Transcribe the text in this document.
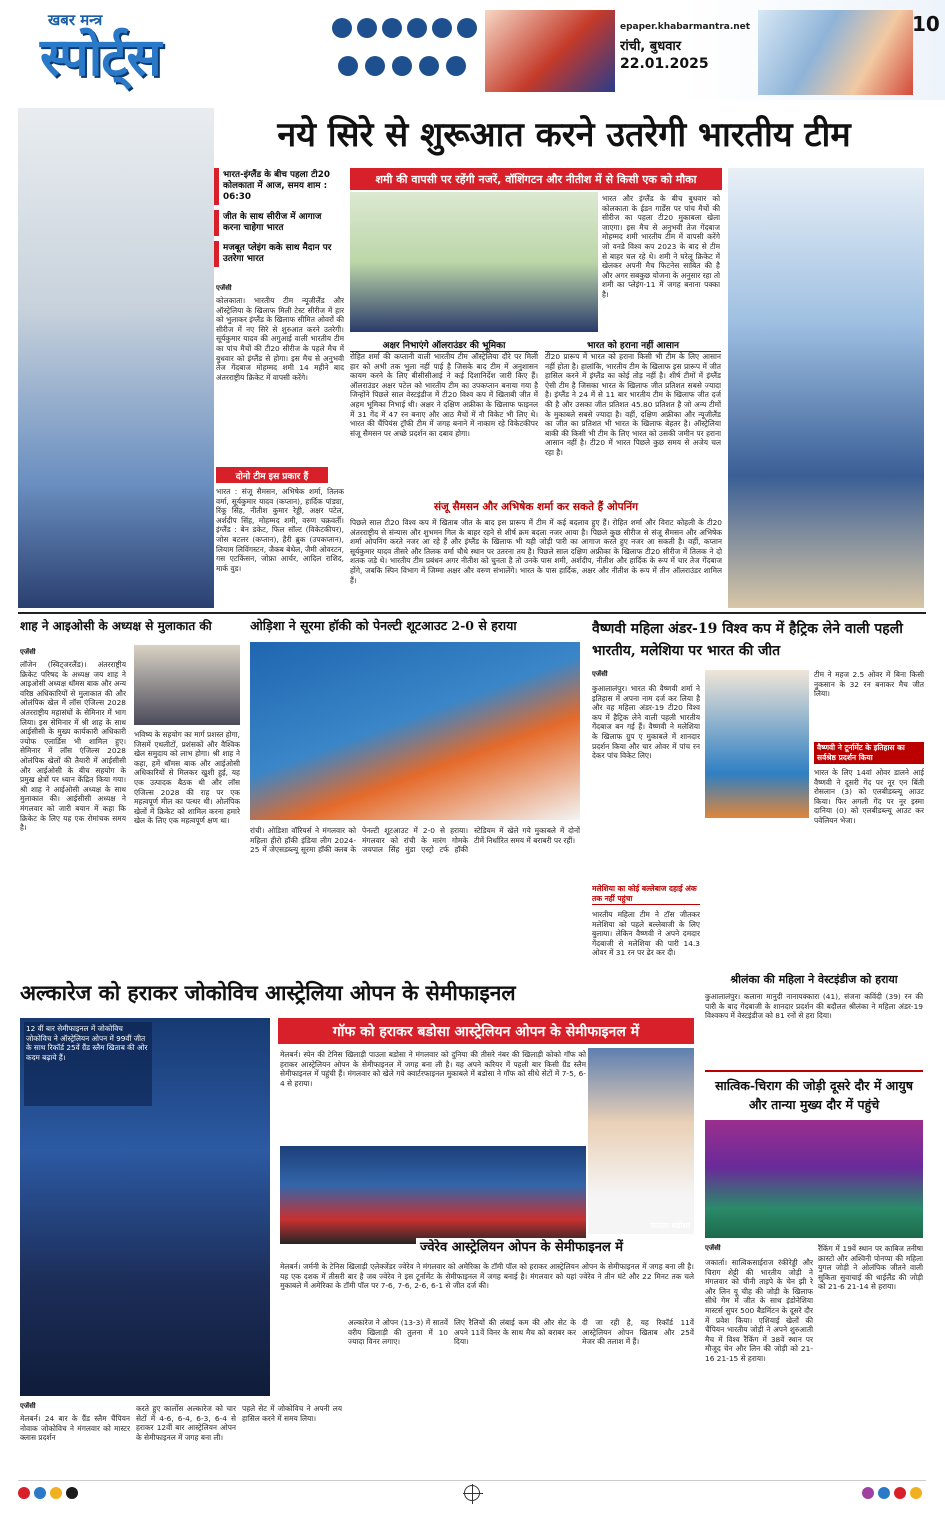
खबर मन्त्र
स्पोर्ट्स
epaper.khabarmantra.net
रांची, बुधवार
22.01.2025
10
भारत-इंग्लैंड के बीच पहला टी20 कोलकाता में आज, समय शाम : 06:30
जीत के साथ सीरीज में आगाज करना चाहेगा भारत
मजबूत प्लेइंग कके साथ मैदान पर उतरेगा भारत
नये सिरे से शुरूआत करने उतरेगी भारतीय टीम
शमी की वापसी पर रहेंगी नजरें, वॉशिंगटन और नीतीश में से किसी एक को मौका
एजेंसी
कोलकाता। भारतीय टीम न्यूजीलैंड और ऑस्ट्रेलिया के खिलाफ मिली टेस्ट सीरीज में हार को भुलाकर इंग्लैंड के खिलाफ सीमित ओवरों की सीरीज में नए सिरे से शुरुआत करने उतरेगी। सूर्यकुमार यादव की अगुआई वाली भारतीय टीम का पांच मैचों की टी20 सीरीज के पहले मैच में बुधवार को इंग्लैंड से होगा। इस मैच से अनुभवी तेज गेंदबाज मोहम्मद शमी 14 महीने बाद अंतरराष्ट्रीय क्रिकेट में वापसी करेंगे।
दोनो टीम इस प्रकार हैं
भारत : संजू सैमसन, अभिषेक शर्मा, तिलक वर्मा, सूर्यकुमार यादव (कप्तान), हार्दिक पांड्या, रिंकू सिंह, नीतीश कुमार रेड्डी, अक्षर पटेल, अर्शदीप सिंह, मोहम्मद शमी, वरुण चक्रवर्ती। इंग्लैंड : बेन डकेट, फिल सॉल्ट (विकेटकीपर), जोस बटलर (कप्तान), हैरी ब्रुक (उपकप्तान), लियाम लिविंगस्टन, जैकब बेथेल, जैमी ओवरटन, गस एटकिंसन, जोफ्रा आर्चर, आदिल राशिद, मार्क वुड।
भारत और इंग्लैंड के बीच बुधवार को कोलकाता के ईडन गार्डेंस पर पांच मैचों की सीरीज का पहला टी20 मुकाबला खेला जाएगा। इस मैच से अनुभवी तेज गेंदबाज मोहम्मद शमी भारतीय टीम में वापसी करेंगे जो वनडे विश्व कप 2023 के बाद से टीम से बाहर चल रहे थे। शमी ने घरेलू क्रिकेट में खेलकर अपनी मैच फिटनेस साबित की है और अगर सबकुछ योजना के अनुसार रहा तो शमी का प्लेइंग-11 में जगह बनाना पक्का है।
अक्षर निभाएंगे ऑलराउंडर की भूमिका
रोहित शर्मा की कप्तानी वाली भारतीय टीम ऑस्ट्रेलिया दौरे पर मिली हार को अभी तक भुला नहीं पाई है जिसके बाद टीम में अनुशासन कायम करने के लिए बीसीसीआई ने कई दिशानिर्देश जारी किए हैं। ऑलराउंडर अक्षर पटेल को भारतीय टीम का उपकप्तान बनाया गया है जिन्होंने पिछले साल वेस्टइंडीज में टी20 विश्व कप में खिताबी जीत में अहम भूमिका निभाई थी। अक्षर ने दक्षिण अफ्रीका के खिलाफ फाइनल में 31 गेंद में 47 रन बनाए और आठ मैचों में नौ विकेट भी लिए थे। भारत की चैंपियंस ट्रॉफी टीम में जगह बनाने में नाकाम रहे विकेटकीपर संजू सैमसन पर अच्छे प्रदर्शन का दबाव होगा।
भारत को हराना नहीं आसान
टी20 प्रारूप में भारत को हराना किसी भी टीम के लिए आसान नहीं होता है। हालांकि, भारतीय टीम के खिलाफ इस प्रारूप में जीत हासिल करने में इंग्लैंड का कोई तोड़ नहीं है। शीर्ष टीमों में इंग्लैंड ऐसी टीम है जिसका भारत के खिलाफ जीत प्रतिशत सबसे ज्यादा है। इंग्लैंड ने 24 में से 11 बार भारतीय टीम के खिलाफ जीत दर्ज की है और उसका जीत प्रतिशत 45.80 प्रतिशत है जो अन्य टीमों के मुकाबले सबसे ज्यादा है। वहीं, दक्षिण अफ्रीका और न्यूजीलैंड का जीत का प्रतिशत भी भारत के खिलाफ बेहतर है। ऑस्ट्रेलिया बाकी की किसी भी टीम के लिए भारत को उसकी जमीन पर हराना आसान नहीं है। टी20 में भारत पिछले कुछ समय से अजेय चल रहा है।
संजू सैमसन और अभिषेक शर्मा कर सकते हैं ओपनिंग
पिछले साल टी20 विश्व कप में खिताब जीत के बाद इस प्रारूप में टीम में कई बदलाव हुए हैं। रोहित शर्मा और विराट कोहली के टी20 अंतरराष्ट्रीय से संन्यास और शुभमन गिल के बाहर रहने से शीर्ष क्रम बदला नजर आया है। पिछले कुछ सीरीज से संजू सैमसन और अभिषेक शर्मा ओपनिंग करते नजर आ रहे हैं और इंग्लैंड के खिलाफ भी यही जोड़ी पारी का आगाज करते हुए नजर आ सकती है। वहीं, कप्तान सूर्यकुमार यादव तीसरे और तिलक वर्मा चौथे स्थान पर उतरना तय है। पिछले साल दक्षिण अफ्रीका के खिलाफ टी20 सीरीज में तिलक ने दो शतक जड़े थे। भारतीय टीम प्रबंधन अगर नीतीश को चुनता है तो उनके पास शमी, अर्शदीप, नीतीश और हार्दिक के रूप में चार तेज गेंदबाज होंगे, जबकि स्पिन विभाग में जिम्मा अक्षर और वरुण संभालेंगे। भारत के पास हार्दिक, अक्षर और नीतीश के रूप में तीन ऑलराउंडर शामिल हैं।
शाह ने आइओसी के अध्यक्ष से मुलाकात की
एजेंसी
लॉजेन (स्विट्जरलैंड)। अंतरराष्ट्रीय क्रिकेट परिषद के अध्यक्ष जय शाह ने आइओसी अध्यक्ष थॉमस बाक और अन्य वरिष्ठ अधिकारियों से मुलाकात की और ओलंपिक खेल में लॉस एंजिल्स 2028 अंतरराष्ट्रीय महासंघों के सेमिनार में भाग लिया। इस सेमिनार में श्री शाह के साथ आईसीसी के मुख्य कार्यकारी अधिकारी ज्योफ एलार्डिस भी शामिल हुए। सेमिनार में लॉस एंजिल्स 2028 ओलंपिक खेलों की तैयारी में आईसीसी और आईओसी के बीच सहयोग के प्रमुख क्षेत्रों पर ध्यान केंद्रित किया गया। श्री शाह ने आईओसी अध्यक्ष के साथ मुलाकात की। आईसीसी अध्यक्ष ने मंगलवार को जारी बयान में कहा कि क्रिकेट के लिए यह एक रोमांचक समय है।
भविष्य के सहयोग का मार्ग प्रशस्त होगा, जिसमें एथलीटों, प्रशंसकों और वैश्विक खेल समुदाय को लाभ होगा। श्री शाह ने कहा, हमें थॉमस बाक और आईओसी अधिकारियों से मिलकर खुशी हुई, यह एक उत्पादक बैठक थी और लॉस एंजिल्स 2028 की राह पर एक महत्वपूर्ण मील का पत्थर थी। ओलंपिक खेलों में क्रिकेट को शामिल करना हमारे खेल के लिए एक महत्वपूर्ण क्षण था।
ओड़िशा ने सूरमा हॉकी को पेनल्टी शूटआउट 2-0 से हराया
रांची। ओडिशा वॉरियर्स ने मंगलवार को महिला हीरो हॉकी इंडिया लीग 2024-25 में जेएसडब्ल्यू सूरमा हॉकी क्लब के पेनल्टी शूटआउट में 2-0 से हराया। मंगलवार को रांची के मारंग गोमके जयपाल सिंह मुंडा एस्ट्रो टर्फ हॉकी स्टेडियम में खेले गये मुकाबले में दोनों टीमें निर्धारित समय में बराबरी पर रहीं।
वैष्णवी महिला अंडर-19 विश्व कप में हैट्रिक लेने वाली पहली भारतीय, मलेशिया पर भारत की जीत
एजेंसी
कुआलालंपुर। भारत की वैष्णवी शर्मा ने इतिहास में अपना नाम दर्ज कर लिया है और वह महिला अंडर-19 टी20 विश्व कप में हैट्रिक लेने वाली पहली भारतीय गेंदबाज बन गई हैं। वैष्णवी ने मलेशिया के खिलाफ ग्रुप ए मुकाबले में शानदार प्रदर्शन किया और चार ओवर में पांच रन देकर पांच विकेट लिए।
मलेशिया का कोई बल्लेबाज दहाई अंक तक नहीं पहुंचा
भारतीय महिला टीम ने टॉस जीतकर मलेशिया को पहले बल्लेबाजी के लिए बुलाया। लेकिन वैष्णवी ने अपने दमदार गेंदबाजी से मलेशिया की पारी 14.3 ओवर में 31 रन पर ढेर कर दी।
टीम ने महज 2.5 ओवर में बिना किसी नुकसान के 32 रन बनाकर मैच जीत लिया।
वैष्णवी ने टूर्नामेंट के इतिहास का सर्वश्रेष्ठ प्रदर्शन किया
भारत के लिए 14वां ओवर डालने आई वैष्णवी ने दूसरी गेंद पर नूर एन बिंती रोसलान (3) को एलबीडब्ल्यू आउट किया। फिर अगली गेंद पर नूर इस्मा दानिया (0) को एलबीडब्ल्यू आउट कर पवेलियन भेजा।
श्रीलंका की महिला ने वेस्टइंडीज को हराया
कुआलालंपुर। कलाना मानुदी नानायक्कारा (41), संजना कविंदी (39) रन की पारी के बाद गेंदबाजी के शानदार प्रदर्शन की बदौलत श्रीलंका ने महिला अंडर-19 विश्वकप में वेस्टइंडीज को 81 रनों से हरा दिया।
अल्कारेज को हराकर जोकोविच आस्ट्रेलिया ओपन के सेमीफाइनल
12 वीं बार सेमीफाइनल में जोकोविच जोकोविच ने ऑस्ट्रेलियन ओपन में 99वीं जीत के साथ रिकॉर्ड 25वें ग्रैंड स्लैम खिताब की ओर कदम बढ़ाये हैं।
एजेंसी
मेलबर्न। 24 बार के ग्रैंड स्लैम चैंपियन नोवाक जोकोविच ने मंगलवार को मास्टर क्लास प्रदर्शन
करते हुए कार्लोस अल्कारेज को चार सेटों में 4-6, 6-4, 6-3, 6-4 से हराकर 12वीं बार आस्ट्रेलियन ओपन के सेमीफाइनल में जगह बना ली।
पहले सेट में जोकोविच ने अपनी लय हासिल करने में समय लिया।
अल्कारेज ने ओपन (13-3) में सातवें वरीय खिलाड़ी की तुलना में 10 ज्यादा विनर लगाए।
लिए रैलियों की लंबाई कम की और सेट के अपने 11वें विनर के साथ मैच को बराबर कर दिया।
दी जा रही है, यह रिकॉर्ड 11वें आस्ट्रेलियन ओपन खिताब और 25वें मेजर की तलाश में हैं।
गॉफ को हराकर बडोसा आस्ट्रेलियन ओपन के सेमीफाइनल में
मेलबर्न। स्पेन की टेनिस खिलाड़ी पाउला बडोसा ने मंगलवार को दुनिया की तीसरे नंबर की खिलाड़ी कोको गॉफ को हराकर आस्ट्रेलियन ओपन के सेमीफाइनल में जगह बना ली है। यह अपने करियर में पहली बार किसी ग्रैंड स्लैम सेमीफाइनल में पहुंची हैं। मंगलवार को खेले गये क्वार्टरफाइनल मुकाबले में बडोसा ने गॉफ को सीधे सेटों में 7-5, 6-4 से हराया।
पाउला बडोसा
ज्वेरेव आस्ट्रेलियन ओपन के सेमीफाइनल में
मेलबर्न। जर्मनी के टेनिस खिलाड़ी एलेक्जेंडर ज्वेरेव ने मंगलवार को अमेरिका के टॉमी पॉल को हराकर आस्ट्रेलियन ओपन के सेमीफाइनल में जगह बना ली है। यह एक दशक में तीसरी बार है जब ज्वेरेव ने इस टूर्नामेंट के सेमीफाइनल में जगह बनाई है। मंगलवार को यहां ज्वेरेव ने तीन घंटे और 22 मिनट तक चले मुकाबले में अमेरिका के टॉमी पॉल पर 7-6, 7-6, 2-6, 6-1 से जीत दर्ज की।
सात्विक-चिराग की जोड़ी दूसरे दौर में आयुष और तान्या मुख्य दौर में पहुंचे
एजेंसी
जकार्ता। सात्विकसाईराज रंकीरेड्डी और चिराग शेट्टी की भारतीय जोड़ी ने मंगलवार को चीनी ताइपे के चेन झी रे और लिन यू चीह की जोड़ी के खिलाफ सीधे गेम में जीत के साथ इंडोनेशिया मास्टर्स सुपर 500 बैडमिंटन के दूसरे दौर में प्रवेश किया। एशियाई खेलों की चैंपियन भारतीय जोड़ी ने अपने शुरुआती मैच में विश्व रैंकिंग में 38वें स्थान पर मौजूद चेन और लिन की जोड़ी को 21-16 21-15 से हराया।
रैंकिंग में 19वें स्थान पर काबिज तनीषा क्रास्टो और अश्विनी पोनप्पा की महिला युगल जोड़ी ने ओलंपिक जीतने वाली सुकिता सुवाचाई की थाईलैंड की जोड़ी को 21-6 21-14 से हराया।
